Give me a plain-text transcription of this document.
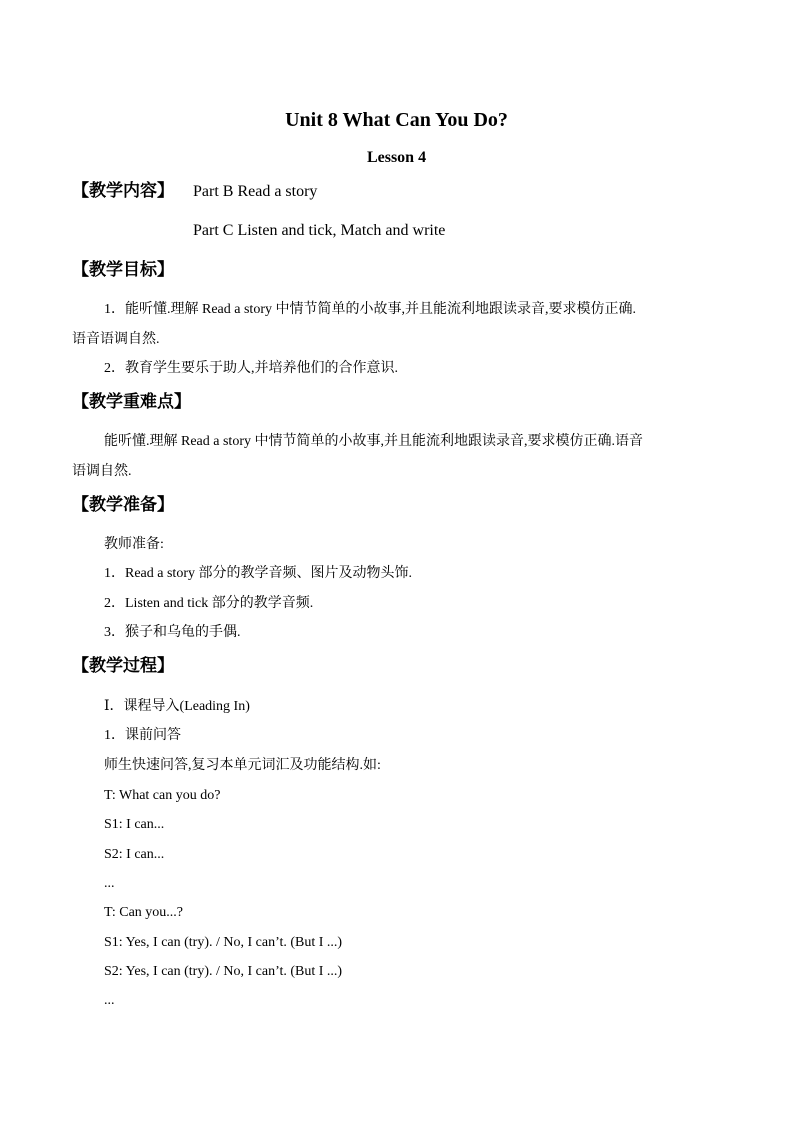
Unit 8 What Can You Do?
Lesson 4
【教学内容】 Part B Read a story
Part C Listen and tick, Match and write
【教学目标】
1．能听懂.理解 Read a story 中情节简单的小故事,并且能流利地跟读录音,要求模仿正确.
语音语调自然.
2．教育学生要乐于助人,并培养他们的合作意识.
【教学重难点】
能听懂.理解 Read a story 中情节简单的小故事,并且能流利地跟读录音,要求模仿正确.语音
语调自然.
【教学准备】
教师准备:
1．Read a story 部分的教学音频、图片及动物头饰.
2．Listen and tick 部分的教学音频.
3．猴子和乌龟的手偶.
【教学过程】
Ⅰ．课程导入(Leading In)
1．课前问答
师生快速问答,复习本单元词汇及功能结构.如:
T: What can you do?
S1: I can...
S2: I can...
...
T: Can you...?
S1: Yes, I can (try). / No, I can’t. (But I ...)
S2: Yes, I can (try). / No, I can’t. (But I ...)
...
